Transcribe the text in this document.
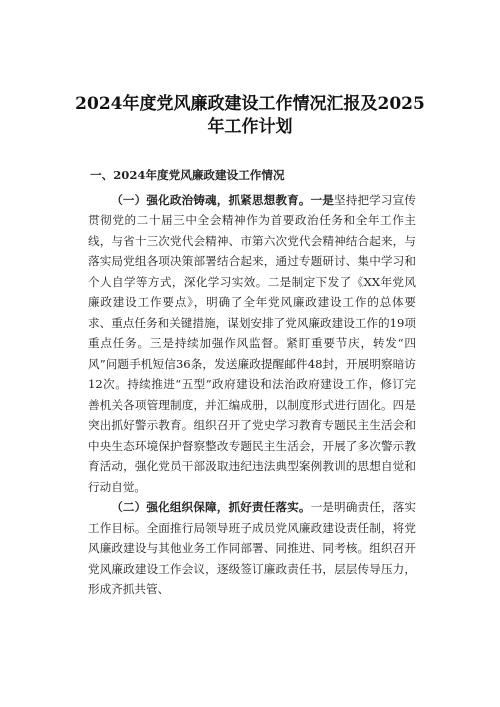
2024年度党风廉政建设工作情况汇报及2025
年工作计划
一、2024年度党风廉政建设工作情况

（一）强化政治铸魂，抓紧思想教育。一是坚持把学习宣传贯彻党的二十届三中全会精神作为首要政治任务和全年工作主线，与省十三次党代会精神、市第六次党代会精神结合起来，与落实局党组各项决策部署结合起来，通过专题研讨、集中学习和个人自学等方式，深化学习实效。二是制定下发了《XX年党风廉政建设工作要点》，明确了全年党风廉政建设工作的总体要求、重点任务和关键措施，谋划安排了党风廉政建设工作的19项重点任务。三是持续加强作风监督。紧盯重要节庆，转发“四风”问题手机短信36条，发送廉政提醒邮件48封，开展明察暗访12次。持续推进“五型”政府建设和法治政府建设工作，修订完善机关各项管理制度，并汇编成册，以制度形式进行固化。四是突出抓好警示教育。组织召开了党史学习教育专题民主生活会和中央生态环境保护督察整改专题民主生活会，开展了多次警示教育活动，强化党员干部汲取违纪违法典型案例教训的思想自觉和行动自觉。

（二）强化组织保障，抓好责任落实。一是明确责任，落实工作目标。全面推行局领导班子成员党风廉政建设责任制，将党风廉政建设与其他业务工作同部署、同推进、同考核。组织召开党风廉政建设工作会议，逐级签订廉政责任书，层层传导压力，形成齐抓共管、
